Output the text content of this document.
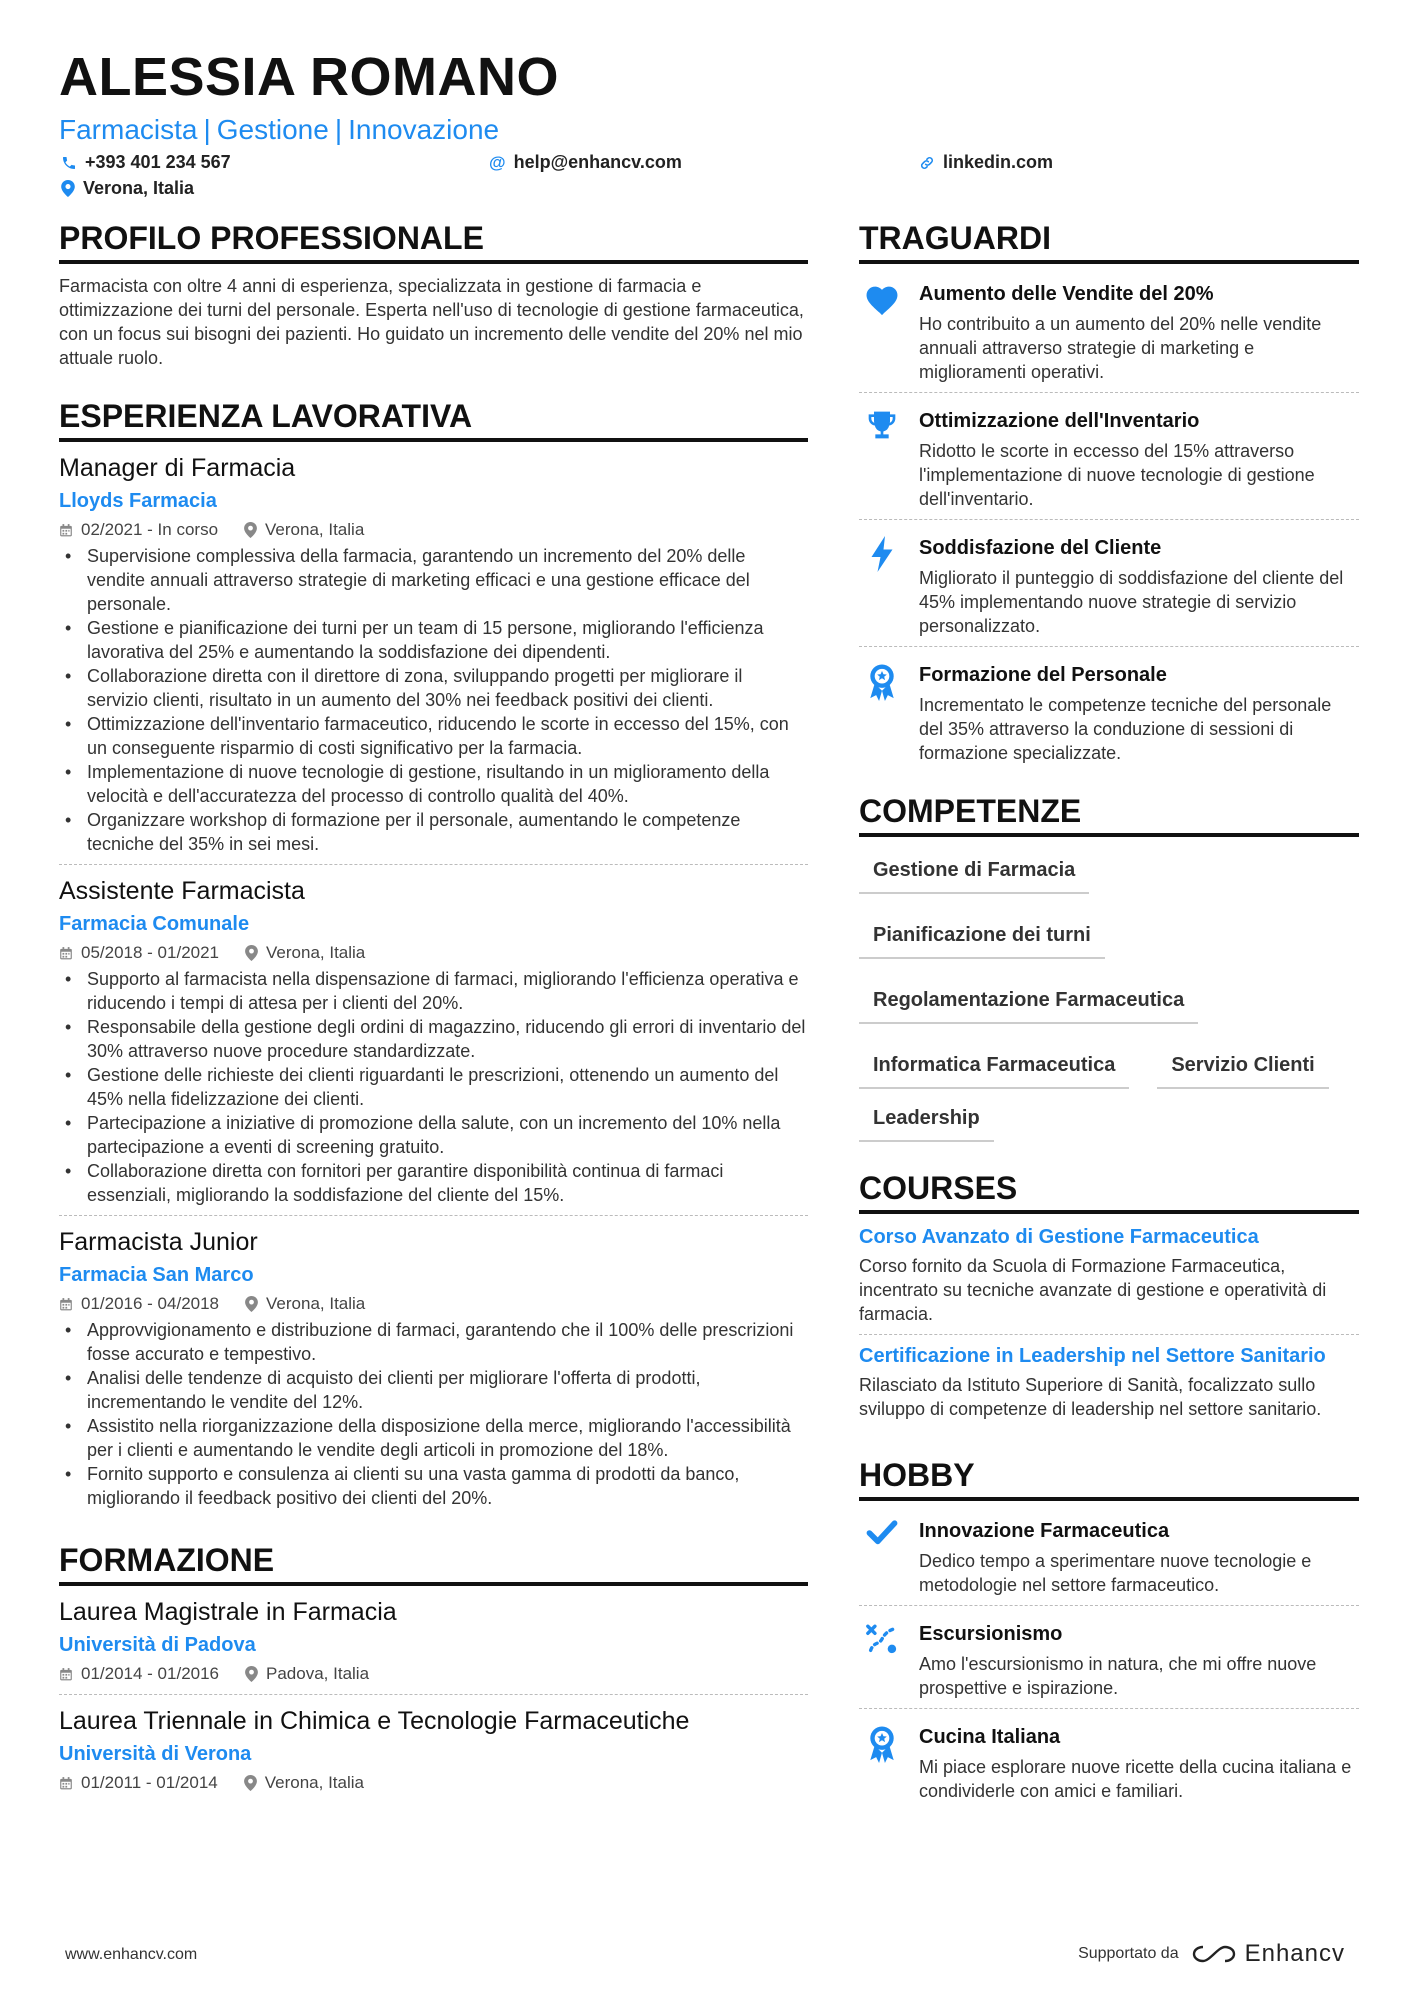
ALESSIA ROMANO
Farmacista | Gestione | Innovazione
+393 401 234 567	@ help@enhancv.com	linkedin.com
Verona, Italia
PROFILO PROFESSIONALE
Farmacista con oltre 4 anni di esperienza, specializzata in gestione di farmacia e ottimizzazione dei turni del personale. Esperta nell'uso di tecnologie di gestione farmaceutica, con un focus sui bisogni dei pazienti. Ho guidato un incremento delle vendite del 20% nel mio attuale ruolo.
ESPERIENZA LAVORATIVA
Manager di Farmacia
Lloyds Farmacia
02/2021 - In corso	Verona, Italia
• Supervisione complessiva della farmacia, garantendo un incremento del 20% delle vendite annuali attraverso strategie di marketing efficaci e una gestione efficace del personale.
• Gestione e pianificazione dei turni per un team di 15 persone, migliorando l'efficienza lavorativa del 25% e aumentando la soddisfazione dei dipendenti.
• Collaborazione diretta con il direttore di zona, sviluppando progetti per migliorare il servizio clienti, risultato in un aumento del 30% nei feedback positivi dei clienti.
• Ottimizzazione dell'inventario farmaceutico, riducendo le scorte in eccesso del 15%, con un conseguente risparmio di costi significativo per la farmacia.
• Implementazione di nuove tecnologie di gestione, risultando in un miglioramento della velocità e dell'accuratezza del processo di controllo qualità del 40%.
• Organizzare workshop di formazione per il personale, aumentando le competenze tecniche del 35% in sei mesi.
Assistente Farmacista
Farmacia Comunale
05/2018 - 01/2021	Verona, Italia
• Supporto al farmacista nella dispensazione di farmaci, migliorando l'efficienza operativa e riducendo i tempi di attesa per i clienti del 20%.
• Responsabile della gestione degli ordini di magazzino, riducendo gli errori di inventario del 30% attraverso nuove procedure standardizzate.
• Gestione delle richieste dei clienti riguardanti le prescrizioni, ottenendo un aumento del 45% nella fidelizzazione dei clienti.
• Partecipazione a iniziative di promozione della salute, con un incremento del 10% nella partecipazione a eventi di screening gratuito.
• Collaborazione diretta con fornitori per garantire disponibilità continua di farmaci essenziali, migliorando la soddisfazione del cliente del 15%.
Farmacista Junior
Farmacia San Marco
01/2016 - 04/2018	Verona, Italia
• Approvvigionamento e distribuzione di farmaci, garantendo che il 100% delle prescrizioni fosse accurato e tempestivo.
• Analisi delle tendenze di acquisto dei clienti per migliorare l'offerta di prodotti, incrementando le vendite del 12%.
• Assistito nella riorganizzazione della disposizione della merce, migliorando l'accessibilità per i clienti e aumentando le vendite degli articoli in promozione del 18%.
• Fornito supporto e consulenza ai clienti su una vasta gamma di prodotti da banco, migliorando il feedback positivo dei clienti del 20%.
FORMAZIONE
Laurea Magistrale in Farmacia
Università di Padova
01/2014 - 01/2016	Padova, Italia
Laurea Triennale in Chimica e Tecnologie Farmaceutiche
Università di Verona
01/2011 - 01/2014	Verona, Italia
TRAGUARDI
Aumento delle Vendite del 20%
Ho contribuito a un aumento del 20% nelle vendite annuali attraverso strategie di marketing e miglioramenti operativi.
Ottimizzazione dell'Inventario
Ridotto le scorte in eccesso del 15% attraverso l'implementazione di nuove tecnologie di gestione dell'inventario.
Soddisfazione del Cliente
Migliorato il punteggio di soddisfazione del cliente del 45% implementando nuove strategie di servizio personalizzato.
Formazione del Personale
Incrementato le competenze tecniche del personale del 35% attraverso la conduzione di sessioni di formazione specializzate.
COMPETENZE
Gestione di Farmacia
Pianificazione dei turni
Regolamentazione Farmaceutica
Informatica Farmaceutica	Servizio Clienti
Leadership
COURSES
Corso Avanzato di Gestione Farmaceutica
Corso fornito da Scuola di Formazione Farmaceutica, incentrato su tecniche avanzate di gestione e operatività di farmacia.
Certificazione in Leadership nel Settore Sanitario
Rilasciato da Istituto Superiore di Sanità, focalizzato sullo sviluppo di competenze di leadership nel settore sanitario.
HOBBY
Innovazione Farmaceutica
Dedico tempo a sperimentare nuove tecnologie e metodologie nel settore farmaceutico.
Escursionismo
Amo l'escursionismo in natura, che mi offre nuove prospettive e ispirazione.
Cucina Italiana
Mi piace esplorare nuove ricette della cucina italiana e condividerle con amici e familiari.
www.enhancv.com	Supportato da	Enhancv
